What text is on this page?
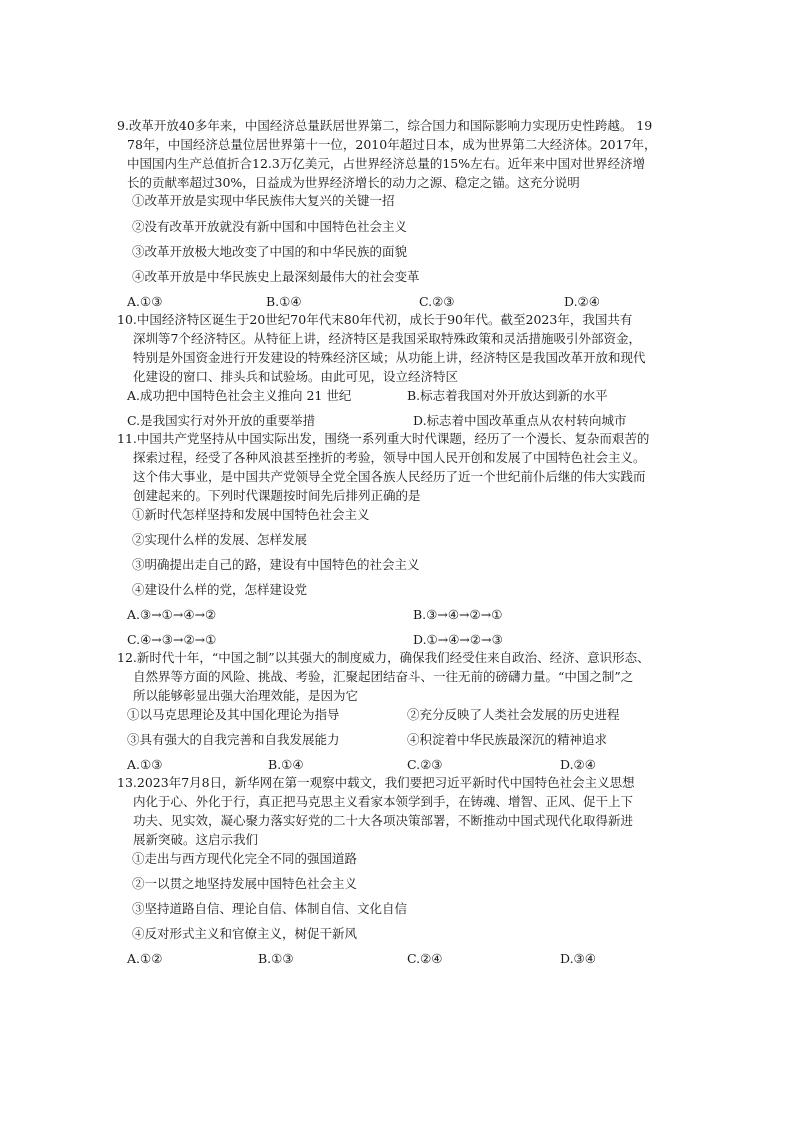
9.改革开放40多年来，中国经济总量跃居世界第二，综合国力和国际影响力实现历史性跨越。 19
78年，中国经济总量位居世界第十一位，2010年超过日本，成为世界第二大经济体。2017年，
中国国内生产总值折合12.3万亿美元，占世界经济总量的15%左右。近年来中国对世界经济增
长的贡献率超过30%，日益成为世界经济增长的动力之源、稳定之锚。这充分说明
①改革开放是实现中华民族伟大复兴的关键一招
②没有改革开放就没有新中国和中国特色社会主义
③改革开放极大地改变了中国的和中华民族的面貌
④改革开放是中华民族史上最深刻最伟大的社会变革
A.①③	B.①④	C.②③	D.②④
10.中国经济特区诞生于20世纪70年代末80年代初，成长于90年代。截至2023年，我国共有
深圳等7个经济特区。从特征上讲，经济特区是我国采取特殊政策和灵活措施吸引外部资金，
特别是外国资金进行开发建设的特殊经济区域；从功能上讲，经济特区是我国改革开放和现代
化建设的窗口、排头兵和试验场。由此可见，设立经济特区
A.成功把中国特色社会主义推向 21 世纪	B.标志着我国对外开放达到新的水平
C.是我国实行对外开放的重要举措	D.标志着中国改革重点从农村转向城市
11.中国共产党坚持从中国实际出发，围绕一系列重大时代课题，经历了一个漫长、复杂而艰苦的
探索过程，经受了各种风浪甚至挫折的考验，领导中国人民开创和发展了中国特色社会主义。
这个伟大事业，是中国共产党领导全党全国各族人民经历了近一个世纪前仆后继的伟大实践而
创建起来的。下列时代课题按时间先后排列正确的是
①新时代怎样坚持和发展中国特色社会主义
②实现什么样的发展、怎样发展
③明确提出走自己的路，建设有中国特色的社会主义
④建设什么样的党，怎样建设党
A.③→①→④→②	B.③→④→②→①
C.④→③→②→①	D.①→④→②→③
12.新时代十年，“中国之制”以其强大的制度威力，确保我们经受住来自政治、经济、意识形态、
自然界等方面的风险、挑战、考验，汇聚起团结奋斗、一往无前的磅礴力量。“中国之制”之
所以能够彰显出强大治理效能，是因为它
①以马克思理论及其中国化理论为指导	②充分反映了人类社会发展的历史进程
③具有强大的自我完善和自我发展能力	④积淀着中华民族最深沉的精神追求
A.①③	B.①④	C.②③	D.②④
13.2023年7月8日，新华网在第一观察中载文，我们要把习近平新时代中国特色社会主义思想
内化于心、外化于行，真正把马克思主义看家本领学到手，在铸魂、增智、正风、促干上下
功夫、见实效，凝心聚力落实好党的二十大各项决策部署，不断推动中国式现代化取得新进
展新突破。这启示我们
①走出与西方现代化完全不同的强国道路
②一以贯之地坚持发展中国特色社会主义
③坚持道路自信、理论自信、体制自信、文化自信
④反对形式主义和官僚主义，树促干新风
A.①②	B.①③	C.②④	D.③④
